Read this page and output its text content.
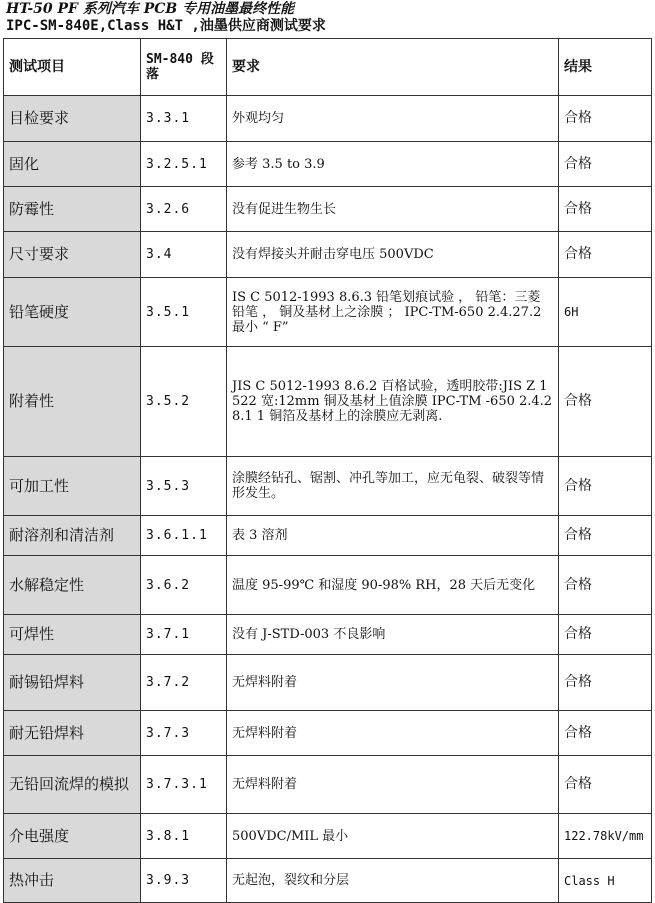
HT-50 PF 系列汽车 PCB 专用油墨最终性能
IPC-SM-840E,Class H&T ,油墨供应商测试要求
测试项目	SM-840 段落	要求	结果
目检要求	3.3.1	外观均匀	合格
固化	3.2.5.1	参考 3.5 to 3.9	合格
防霉性	3.2.6	没有促进生物生长	合格
尺寸要求	3.4	没有焊接头并耐击穿电压 500VDC	合格
铅笔硬度	3.5.1	IS C 5012-1993 8.6.3 铅笔划痕试验 ， 铅笔：三菱铅笔 ， 铜及基材上之涂膜 ； IPC-TM-650 2.4.27.2 最小 “ F”	6H
附着性	3.5.2	JIS C 5012-1993 8.6.2 百格试验，透明胶带:JIS Z 1522 宽:12mm 铜及基材上值涂膜 IPC-TM -650 2.4.28.1 1 铜箔及基材上的涂膜应无剥离.	合格
可加工性	3.5.3	涂膜经钻孔、锯割、冲孔等加工，应无龟裂、破裂等情形发生。	合格
耐溶剂和清洁剂	3.6.1.1	表 3 溶剂	合格
水解稳定性	3.6.2	温度 95-99℃ 和湿度 90-98% RH，28 天后无变化	合格
可焊性	3.7.1	没有 J-STD-003 不良影响	合格
耐锡铅焊料	3.7.2	无焊料附着	合格
耐无铅焊料	3.7.3	无焊料附着	合格
无铅回流焊的模拟	3.7.3.1	无焊料附着	合格
介电强度	3.8.1	500VDC/MIL 最小	122.78kV/mm
热冲击	3.9.3	无起泡，裂纹和分层	Class H
